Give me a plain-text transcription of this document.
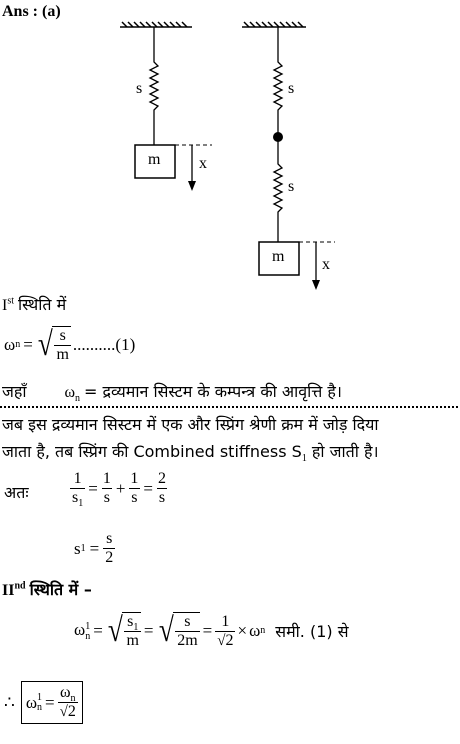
Ans : (a)
s
m x
s
s
m x
Ist स्थिति में
ω n = √ $\frac{s}{m} ..........(1)$
जहाँ $\omega_n$ = द्रव्यमान सिस्टम के कम्पन्त्र की आवृत्ति है।
जब इस द्रव्यमान सिस्टम में एक और स्प्रिंग श्रेणी क्रम में जोड़ दिया
जाता है, तब स्प्रिंग की Combined stiffness $S_1$ हो जाती है।
अतः	$\frac{1}{s_1} = \frac{1}{s} + \frac{1}{s} = \frac{2}{s}$
s $1 = \frac{s}{2}$
IInd स्थिति में –
ω 1
n = √ $\frac{s_1}{m}$ = √ $\frac{s}{2m} = \frac{1}{√2} \times \omega$ n समी. (1) से
∴ ω 1
$n = \frac{\omega_n}{√2}$
